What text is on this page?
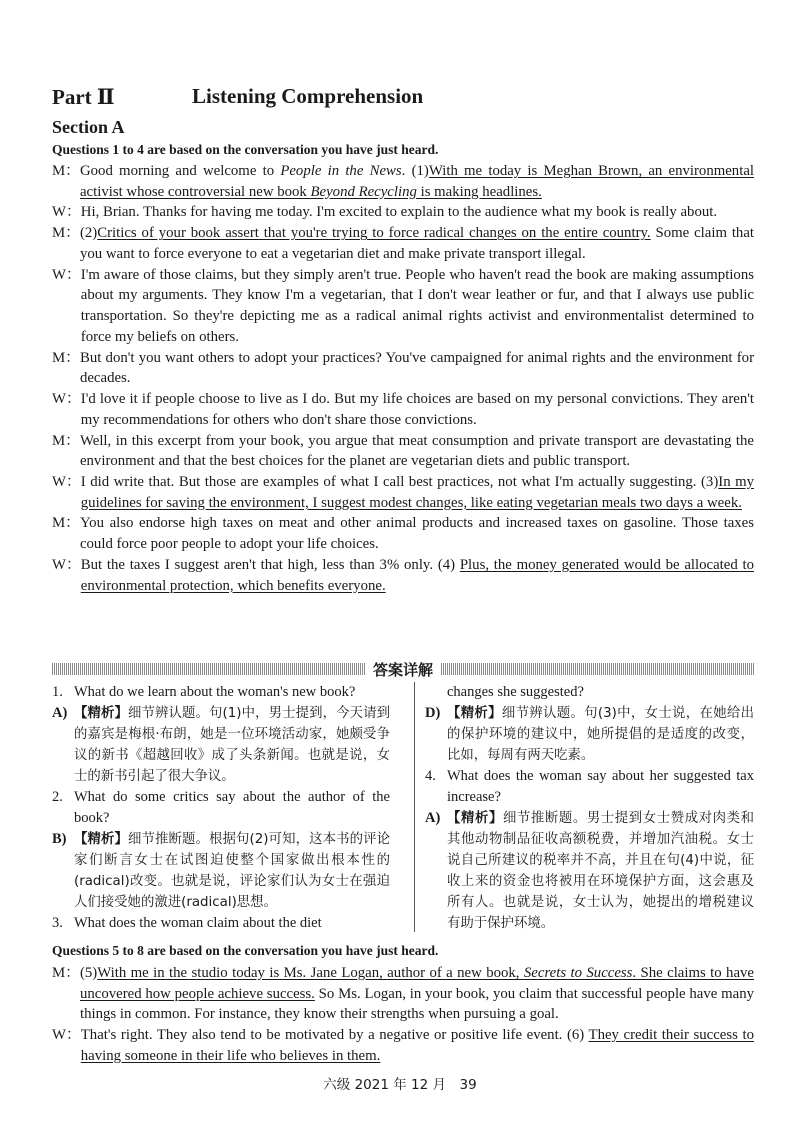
Part Ⅱ	Listening Comprehension
Section A
Questions 1 to 4 are based on the conversation you have just heard.
M： Good morning and welcome to People in the News. (1)With me today is Meghan Brown, an environmental activist whose controversial new book Beyond Recycling is making headlines.
W： Hi, Brian. Thanks for having me today. I'm excited to explain to the audience what my book is really about.
M： (2)Critics of your book assert that you're trying to force radical changes on the entire country. Some claim that you want to force everyone to eat a vegetarian diet and make private transport illegal.
W： I'm aware of those claims, but they simply aren't true. People who haven't read the book are making assumptions about my arguments. They know I'm a vegetarian, that I don't wear leather or fur, and that I always use public transportation. So they're depicting me as a radical animal rights activist and environmentalist determined to force my beliefs on others.
M： But don't you want others to adopt your practices? You've campaigned for animal rights and the environment for decades.
W： I'd love it if people choose to live as I do. But my life choices are based on my personal convictions. They aren't my recommendations for others who don't share those convictions.
M： Well, in this excerpt from your book, you argue that meat consumption and private transport are devastating the environment and that the best choices for the planet are vegetarian diets and public transport.
W： I did write that. But those are examples of what I call best practices, not what I'm actually suggesting. (3)In my guidelines for saving the environment, I suggest modest changes, like eating vegetarian meals two days a week.
M： You also endorse high taxes on meat and other animal products and increased taxes on gasoline. Those taxes could force poor people to adopt your life choices.
W： But the taxes I suggest aren't that high, less than 3% only. (4) Plus, the money generated would be allocated to environmental protection, which benefits everyone.
答案详解
1. What do we learn about the woman's new book?
A) 【精析】细节辨认题。句(1)中，男士提到，今天请到的嘉宾是梅根·布朗，她是一位环境活动家，她颇受争议的新书《超越回收》成了头条新闻。也就是说，女士的新书引起了很大争议。
2. What do some critics say about the author of the book?
B) 【精析】细节推断题。根据句(2)可知，这本书的评论家们断言女士在试图迫使整个国家做出根本性的(radical)改变。也就是说，评论家们认为女士在强迫人们接受她的激进(radical)思想。
3. What does the woman claim about the diet
changes she suggested?
D) 【精析】细节辨认题。句(3)中，女士说，在她给出的保护环境的建议中，她所提倡的是适度的改变，比如，每周有两天吃素。
4. What does the woman say about her suggested tax increase?
A) 【精析】细节推断题。男士提到女士赞成对肉类和其他动物制品征收高额税费，并增加汽油税。女士说自己所建议的税率并不高，并且在句(4)中说，征收上来的资金也将被用在环境保护方面，这会惠及所有人。也就是说，女士认为，她提出的增税建议有助于保护环境。
Questions 5 to 8 are based on the conversation you have just heard.
M： (5)With me in the studio today is Ms. Jane Logan, author of a new book, Secrets to Success. She claims to have uncovered how people achieve success. So Ms. Logan, in your book, you claim that successful people have many things in common. For instance, they know their strengths when pursuing a goal.
W： That's right. They also tend to be motivated by a negative or positive life event. (6) They credit their success to having someone in their life who believes in them.
六级 2021 年 12 月　39
